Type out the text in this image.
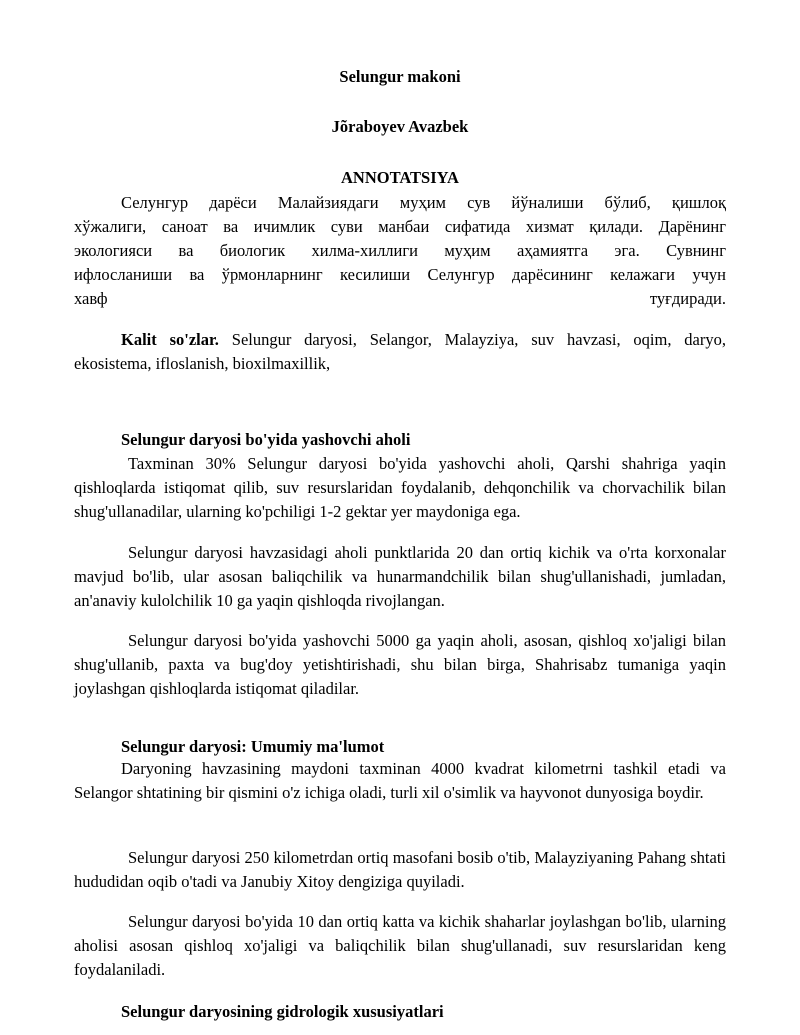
Selungur makoni
Jõraboyev Avazbek
ANNOTATSIYA
Селунгур дарёси Малайзиядаги муҳим сув йўналиши бўлиб, қишлоқ
хўжалиги, саноат ва ичимлик суви манбаи сифатида хизмат қилади. Дарёнинг
экологияси ва биологик хилма-хиллиги муҳим аҳамиятга эга. Сувнинг
ифлосланиши ва ўрмонларнинг кесилиши Селунгур дарёсининг келажаги учун
хавф	туғдиради.

Kalit so'zlar. Selungur daryosi, Selangor, Malayziya, suv havzasi, oqim, daryo, ekosistema, ifloslanish, bioxilmaxillik,

Selungur daryosi bo'yida yashovchi aholi

Taxminan 30% Selungur daryosi bo'yida yashovchi aholi, Qarshi shahriga yaqin qishloqlarda istiqomat qilib, suv resurslaridan foydalanib, dehqonchilik va chorvachilik bilan shug'ullanadilar, ularning ko'pchiligi 1-2 gektar yer maydoniga ega.

Selungur daryosi havzasidagi aholi punktlarida 20 dan ortiq kichik va o'rta korxonalar mavjud bo'lib, ular asosan baliqchilik va hunarmandchilik bilan shug'ullanishadi, jumladan, an'anaviy kulolchilik 10 ga yaqin qishloqda rivojlangan.

Selungur daryosi bo'yida yashovchi 5000 ga yaqin aholi, asosan, qishloq xo'jaligi bilan shug'ullanib, paxta va bug'doy yetishtirishadi, shu bilan birga, Shahrisabz tumaniga yaqin joylashgan qishloqlarda istiqomat qiladilar.

Selungur daryosi: Umumiy ma'lumot

Daryoning havzasining maydoni taxminan 4000 kvadrat kilometrni tashkil etadi va Selangor shtatining bir qismini o'z ichiga oladi, turli xil o'simlik va hayvonot dunyosiga boydir.

Selungur daryosi 250 kilometrdan ortiq masofani bosib o'tib, Malayziyaning Pahang shtati hududidan oqib o'tadi va Janubiy Xitoy dengiziga quyiladi.

Selungur daryosi bo'yida 10 dan ortiq katta va kichik shaharlar joylashgan bo'lib, ularning aholisi asosan qishloq xo'jaligi va baliqchilik bilan shug'ullanadi, suv resurslaridan keng foydalaniladi.

Selungur daryosining gidrologik xususiyatlari
